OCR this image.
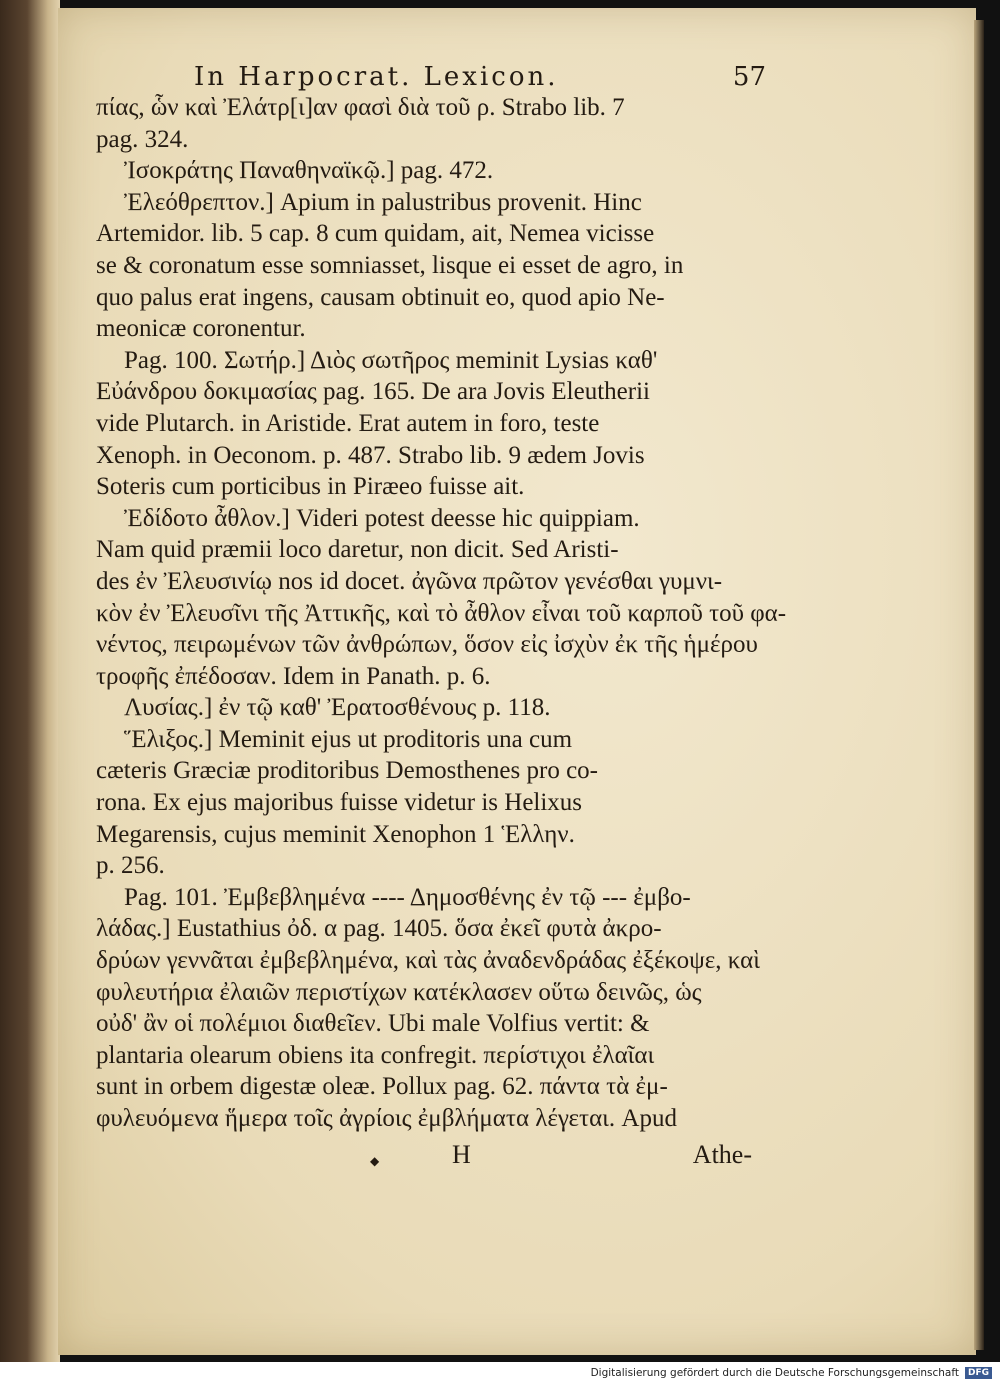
In Harpocrat. Lexicon.	57
πίας, ὧν καὶ Ἐλάτρ[ι]αν φασὶ διὰ τοῦ ρ. Strabo lib. 7
pag. 324.
Ἰσοκράτης Παναθηναϊκῷ.] pag. 472.
Ἐλεόθρεπτον.] Apium in palustribus provenit. Hinc
Artemidor. lib. 5 cap. 8 cum quidam, ait, Nemea vicisse
se & coronatum esse somniasset, lisque ei esset de agro, in
quo palus erat ingens, causam obtinuit eo, quod apio Ne-
meonicæ coronentur.
Pag. 100. Σωτήρ.] Διὸς σωτῆρος meminit Lysias καθ'
Εὐάνδρου δοκιμασίας pag. 165. De ara Jovis Eleutherii
vide Plutarch. in Aristide. Erat autem in foro, teste
Xenoph. in Oeconom. p. 487. Strabo lib. 9 ædem Jovis
Soteris cum porticibus in Piræeo fuisse ait.
Ἐδίδοτο ἆθλον.] Videri potest deesse hic quippiam.
Nam quid præmii loco daretur, non dicit. Sed Aristi-
des ἐν Ἐλευσινίῳ nos id docet. ἀγῶνα πρῶτον γενέσθαι γυμνι-
κὸν ἐν Ἐλευσῖνι τῆς Ἀττικῆς, καὶ τὸ ἆθλον εἶναι τοῦ καρποῦ τοῦ φα-
νέντος, πειρωμένων τῶν ἀνθρώπων, ὅσον εἰς ἰσχὺν ἐκ τῆς ἡμέρου
τροφῆς ἐπέδοσαν. Idem in Panath. p. 6.
Λυσίας.] ἐν τῷ καθ' Ἐρατοσθένους p. 118.
Ἕλιξος.] Meminit ejus ut proditoris una cum
cæteris Græciæ proditoribus Demosthenes pro co-
rona. Ex ejus majoribus fuisse videtur is Helixus
Megarensis, cujus meminit Xenophon 1 Ἑλλην.
p. 256.
Pag. 101. Ἐμβεβλημένα ---- Δημοσθένης ἐν τῷ --- ἐμβο-
λάδας.] Eustathius ὀδ. α pag. 1405. ὅσα ἐκεῖ φυτὰ ἀκρο-
δρύων γεννᾶται ἐμβεβλημένα, καὶ τὰς ἀναδενδράδας ἐξέκοψε, καὶ
φυλευτήρια ἐλαιῶν περιστίχων κατέκλασεν οὕτω δεινῶς, ὡς
οὐδ' ἂν οἱ πολέμιοι διαθεῖεν. Ubi male Volfius vertit: &
plantaria olearum obiens ita confregit. περίστιχοι ἐλαῖαι
sunt in orbem digestæ oleæ. Pollux pag. 62. πάντα τὰ ἐμ-
φυλευόμενα ἥμερα τοῖς ἀγρίοις ἐμβλήματα λέγεται. Apud
◆	H	Athe-
Digitalisierung gefördert durch die Deutsche Forschungsgemeinschaft	DFG
